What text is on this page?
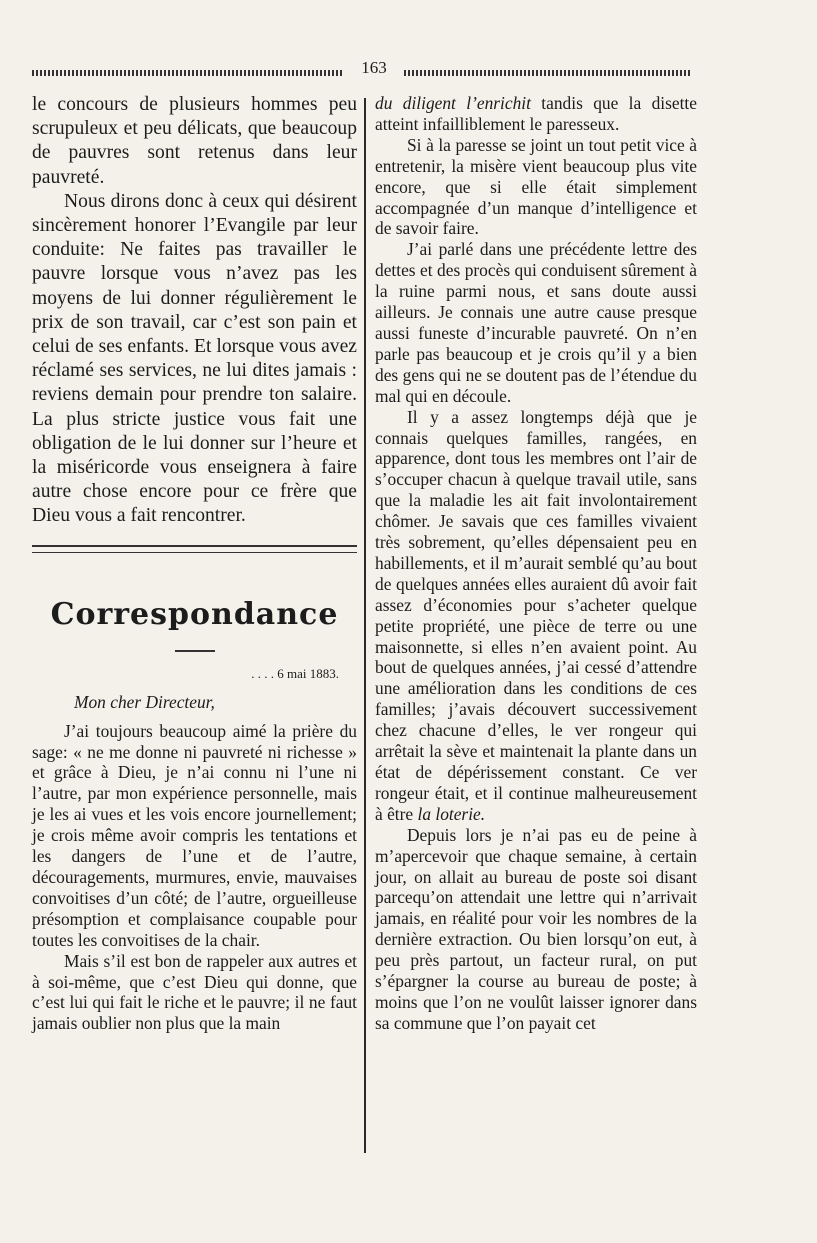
163

le concours de plusieurs hommes peu scrupuleux et peu délicats, que beaucoup de pauvres sont retenus dans leur pauvreté.

Nous dirons donc à ceux qui désirent sincèrement honorer l’Evangile par leur conduite: Ne faites pas travailler le pauvre lorsque vous n’avez pas les moyens de lui donner régulièrement le prix de son travail, car c’est son pain et celui de ses enfants. Et lorsque vous avez réclamé ses services, ne lui dites jamais : reviens demain pour prendre ton salaire. La plus stricte justice vous fait une obligation de le lui donner sur l’heure et la miséricorde vous enseignera à faire autre chose encore pour ce frère que Dieu vous a fait rencontrer.

Correspondance
. . . . 6 mai 1883.
Mon cher Directeur,

J’ai toujours beaucoup aimé la prière du sage: « ne me donne ni pauvreté ni richesse » et grâce à Dieu, je n’ai connu ni l’une ni l’autre, par mon expérience personnelle, mais je les ai vues et les vois encore journellement; je crois même avoir compris les tentations et les dangers de l’une et de l’autre, découragements, murmures, envie, mauvaises convoitises d’un côté; de l’autre, orgueilleuse présomption et complaisance coupable pour toutes les convoitises de la chair.

Mais s’il est bon de rappeler aux autres et à soi-même, que c’est Dieu qui donne, que c’est lui qui fait le riche et le pauvre; il ne faut jamais oublier non plus que la main

du diligent l’enrichit tandis que la disette atteint infailliblement le paresseux.

Si à la paresse se joint un tout petit vice à entretenir, la misère vient beaucoup plus vite encore, que si elle était simplement accompagnée d’un manque d’intelligence et de savoir faire.

J’ai parlé dans une précédente lettre des dettes et des procès qui conduisent sûrement à la ruine parmi nous, et sans doute aussi ailleurs. Je connais une autre cause presque aussi funeste d’incurable pauvreté. On n’en parle pas beaucoup et je crois qu’il y a bien des gens qui ne se doutent pas de l’étendue du mal qui en découle.

Il y a assez longtemps déjà que je connais quelques familles, rangées, en apparence, dont tous les membres ont l’air de s’occuper chacun à quelque travail utile, sans que la maladie les ait fait involontairement chômer. Je savais que ces familles vivaient très sobrement, qu’elles dépensaient peu en habillements, et il m’aurait semblé qu’au bout de quelques années elles auraient dû avoir fait assez d’économies pour s’acheter quelque petite propriété, une pièce de terre ou une maisonnette, si elles n’en avaient point. Au bout de quelques années, j’ai cessé d’attendre une amélioration dans les conditions de ces familles; j’avais découvert successivement chez chacune d’elles, le ver rongeur qui arrêtait la sève et maintenait la plante dans un état de dépérissement constant. Ce ver rongeur était, et il continue malheureusement à être la loterie.

Depuis lors je n’ai pas eu de peine à m’apercevoir que chaque semaine, à certain jour, on allait au bureau de poste soi disant parcequ’on attendait une lettre qui n’arrivait jamais, en réalité pour voir les nombres de la dernière extraction. Ou bien lorsqu’on eut, à peu près partout, un facteur rural, on put s’épargner la course au bureau de poste; à moins que l’on ne voulût laisser ignorer dans sa commune que l’on payait cet
